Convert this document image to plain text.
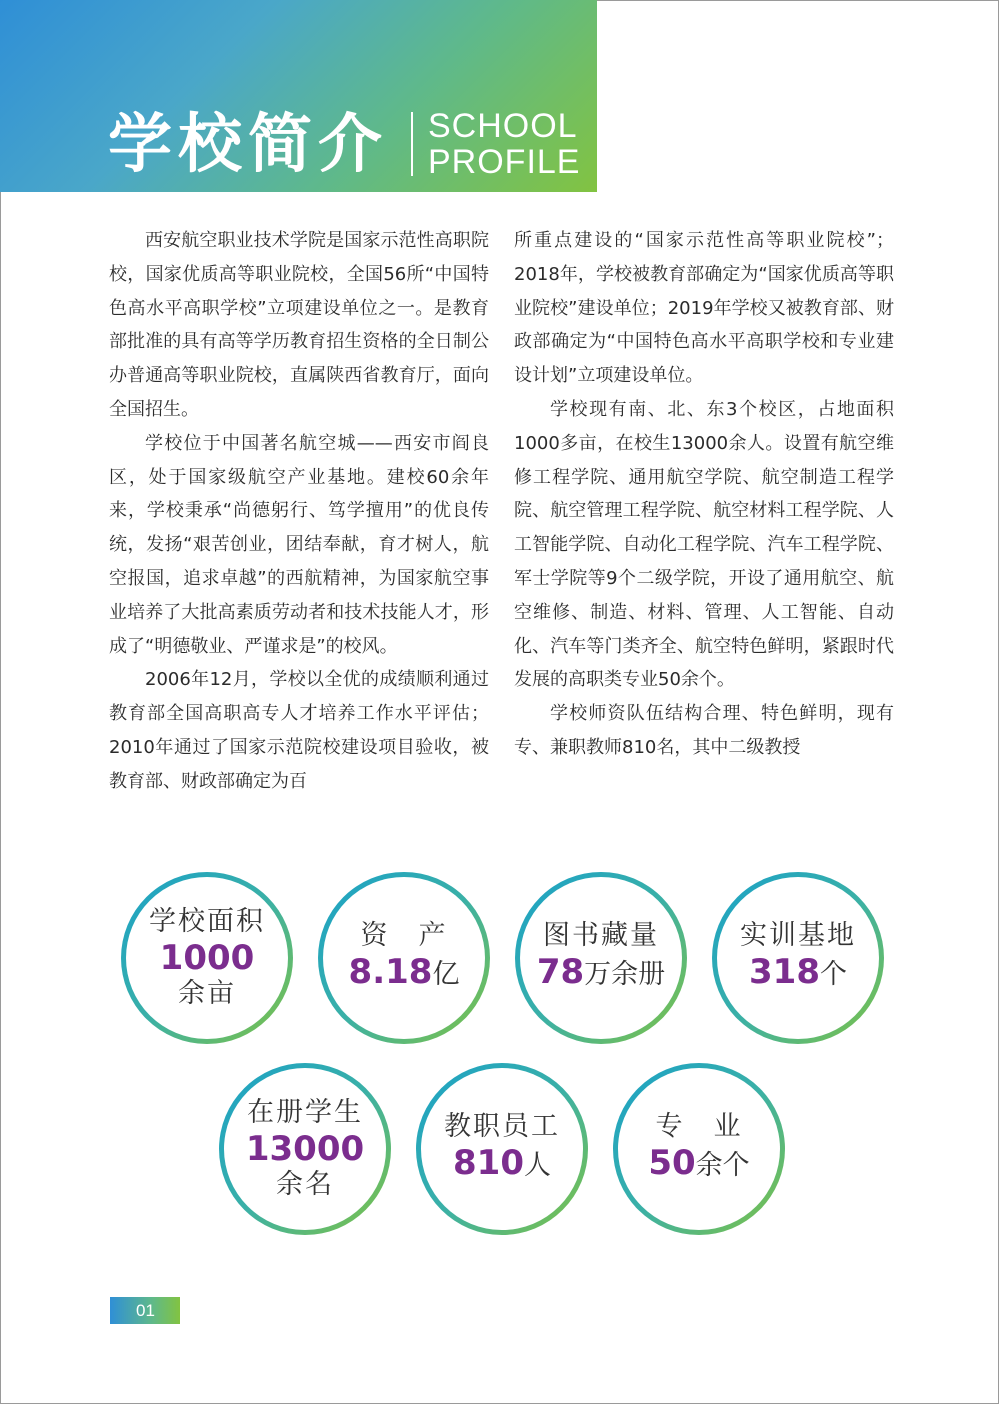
学校简介 SCHOOL
PROFILE

西安航空职业技术学院是国家示范性高职院校，国家优质高等职业院校，全国56所“中国特色高水平高职学校”立项建设单位之一。是教育部批准的具有高等学历教育招生资格的全日制公办普通高等职业院校，直属陕西省教育厅，面向全国招生。

学校位于中国著名航空城——西安市阎良区，处于国家级航空产业基地。建校60余年来，学校秉承“尚德躬行、笃学擅用”的优良传统，发扬“艰苦创业，团结奉献，育才树人，航空报国，追求卓越”的西航精神，为国家航空事业培养了大批高素质劳动者和技术技能人才，形成了“明德敬业、严谨求是”的校风。

2006年12月，学校以全优的成绩顺利通过教育部全国高职高专人才培养工作水平评估；2010年通过了国家示范院校建设项目验收，被教育部、财政部确定为百

所重点建设的“国家示范性高等职业院校”；2018年，学校被教育部确定为“国家优质高等职业院校”建设单位；2019年学校又被教育部、财政部确定为“中国特色高水平高职学校和专业建设计划”立项建设单位。

学校现有南、北、东3个校区，占地面积1000多亩，在校生13000余人。设置有航空维修工程学院、通用航空学院、航空制造工程学院、航空管理工程学院、航空材料工程学院、人工智能学院、自动化工程学院、汽车工程学院、军士学院等9个二级学院，开设了通用航空、航空维修、制造、材料、管理、人工智能、自动化、汽车等门类齐全、航空特色鲜明，紧跟时代发展的高职类专业50余个。

学校师资队伍结构合理、特色鲜明，现有专、兼职教师810名，其中二级教授

学校面积
1000
余亩
资　产
8.18亿
图书藏量
78万余册
实训基地
318个
在册学生
13000
余名
教职员工
810人
专　业
50余个
01
